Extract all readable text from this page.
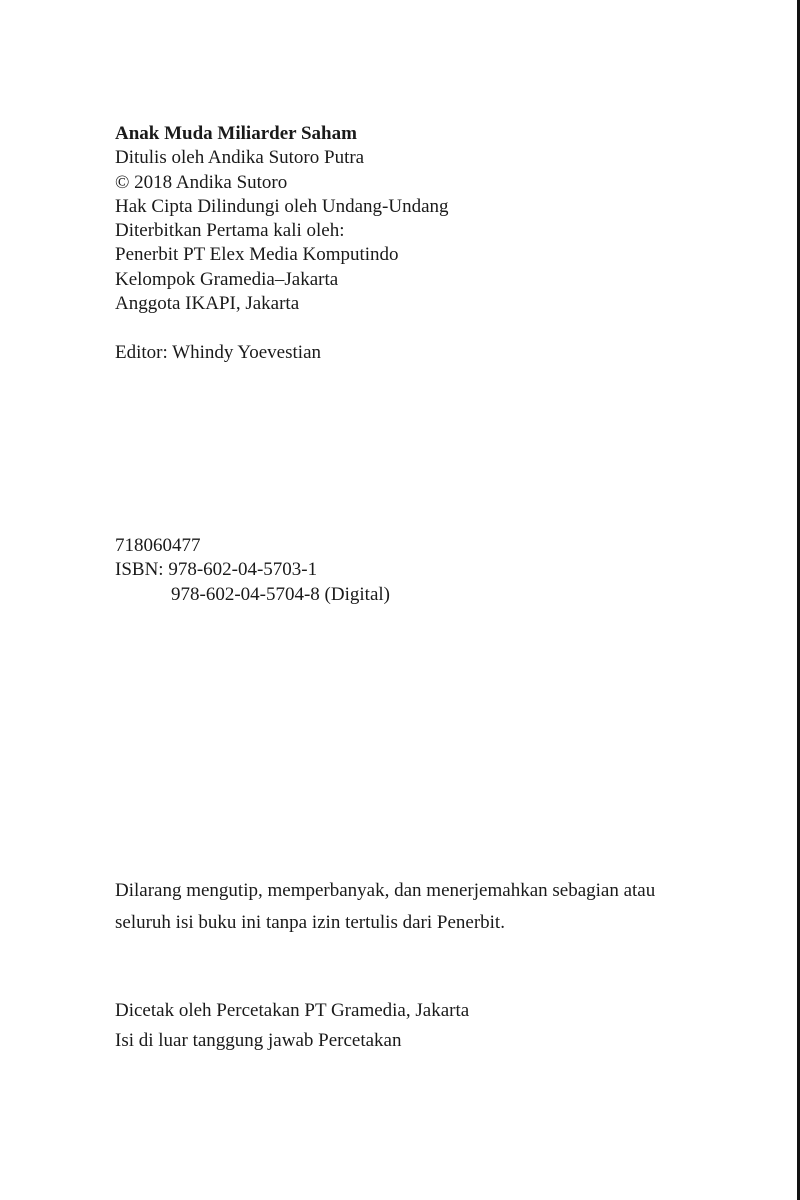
Anak Muda Miliarder Saham
Ditulis oleh Andika Sutoro Putra
© 2018 Andika Sutoro
Hak Cipta Dilindungi oleh Undang-Undang
Diterbitkan Pertama kali oleh:
Penerbit PT Elex Media Komputindo
Kelompok Gramedia–Jakarta
Anggota IKAPI, Jakarta
Editor: Whindy Yoevestian
718060477
ISBN: 978-602-04-5703-1
978-602-04-5704-8 (Digital)
Dilarang mengutip, memperbanyak, dan menerjemahkan sebagian atau
seluruh isi buku ini tanpa izin tertulis dari Penerbit.
Dicetak oleh Percetakan PT Gramedia, Jakarta
Isi di luar tanggung jawab Percetakan
